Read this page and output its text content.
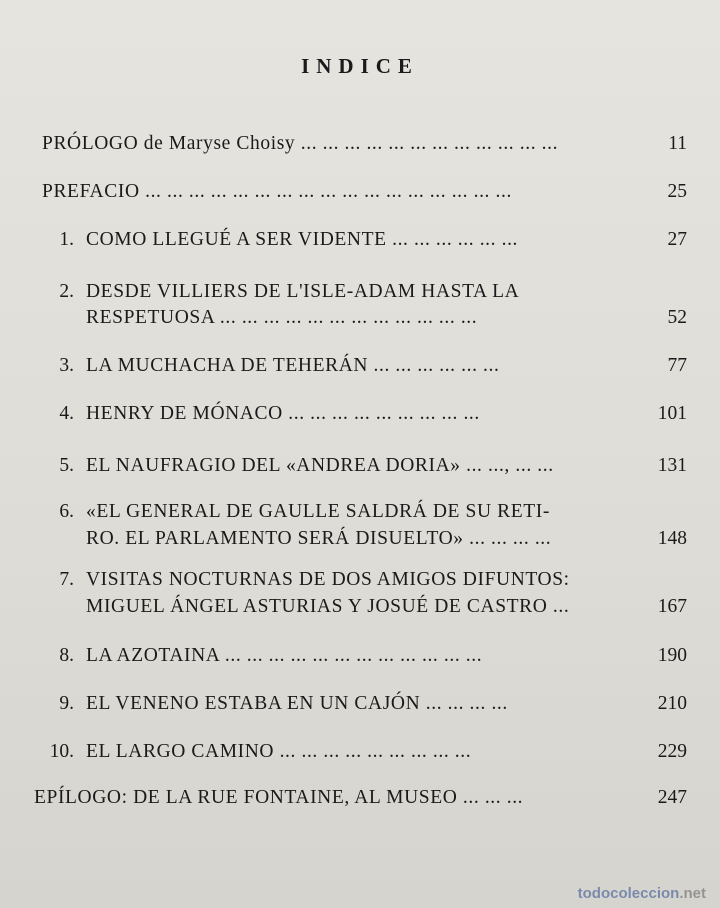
INDICE
PRÓLOGO de Maryse Choisy ... ... ... ... ... ... ... ... ... ... ... ...	11
PREFACIO ... ... ... ... ... ... ... ... ... ... ... ... ... ... ... ... ...	25
1. COMO LLEGUÉ A SER VIDENTE ... ... ... ... ... ...	27
2. DESDE VILLIERS DE L'ISLE-ADAM HASTA LA
RESPETUOSA ... ... ... ... ... ... ... ... ... ... ... ...	52
3. LA MUCHACHA DE TEHERÁN ... ... ... ... ... ...	77
4. HENRY DE MÓNACO ... ... ... ... ... ... ... ... ...	101
5. EL NAUFRAGIO DEL «ANDREA DORIA» ... ..., ... ...	131
6. «EL GENERAL DE GAULLE SALDRÁ DE SU RETI-
RO. EL PARLAMENTO SERÁ DISUELTO» ... ... ... ...	148
7. VISITAS NOCTURNAS DE DOS AMIGOS DIFUNTOS:
MIGUEL ÁNGEL ASTURIAS Y JOSUÉ DE CASTRO ...	167
8. LA AZOTAINA ... ... ... ... ... ... ... ... ... ... ... ...	190
9. EL VENENO ESTABA EN UN CAJÓN ... ... ... ...	210
10. EL LARGO CAMINO ... ... ... ... ... ... ... ... ...	229
EPÍLOGO: DE LA RUE FONTAINE, AL MUSEO ... ... ...	247
todocoleccion.net
